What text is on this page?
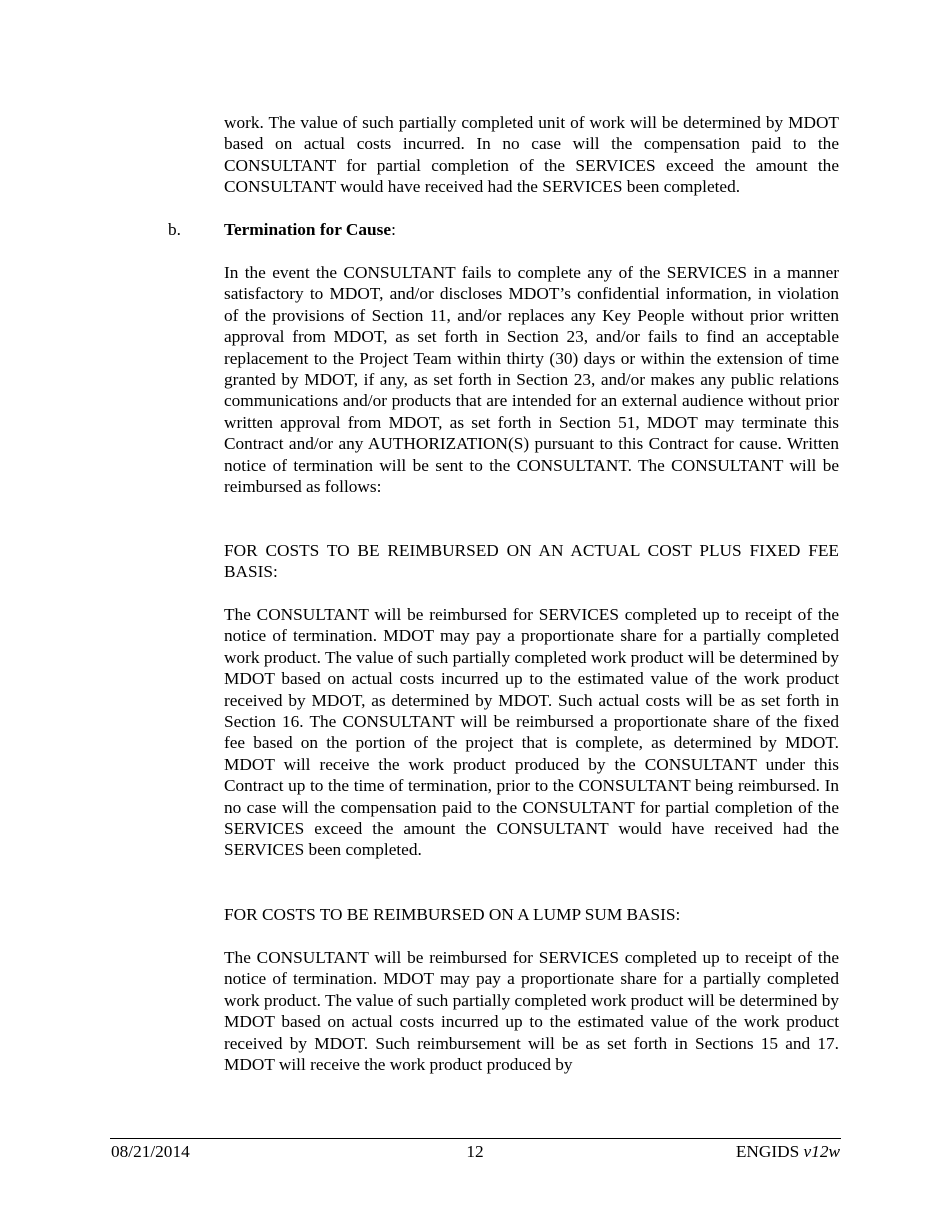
work. The value of such partially completed unit of work will be determined by MDOT based on actual costs incurred. In no case will the compensation paid to the CONSULTANT for partial completion of the SERVICES exceed the amount the CONSULTANT would have received had the SERVICES been completed.

b. Termination for Cause:

In the event the CONSULTANT fails to complete any of the SERVICES in a manner satisfactory to MDOT, and/or discloses MDOT’s confidential information, in violation of the provisions of Section 11, and/or replaces any Key People without prior written approval from MDOT, as set forth in Section 23, and/or fails to find an acceptable replacement to the Project Team within thirty (30) days or within the extension of time granted by MDOT, if any, as set forth in Section 23, and/or makes any public relations communications and/or products that are intended for an external audience without prior written approval from MDOT, as set forth in Section 51, MDOT may terminate this Contract and/or any AUTHORIZATION(S) pursuant to this Contract for cause. Written notice of termination will be sent to the CONSULTANT. The CONSULTANT will be reimbursed as follows:

FOR COSTS TO BE REIMBURSED ON AN ACTUAL COST PLUS FIXED FEE BASIS:

The CONSULTANT will be reimbursed for SERVICES completed up to receipt of the notice of termination. MDOT may pay a proportionate share for a partially completed work product. The value of such partially completed work product will be determined by MDOT based on actual costs incurred up to the estimated value of the work product received by MDOT, as determined by MDOT. Such actual costs will be as set forth in Section 16. The CONSULTANT will be reimbursed a proportionate share of the fixed fee based on the portion of the project that is complete, as determined by MDOT. MDOT will receive the work product produced by the CONSULTANT under this Contract up to the time of termination, prior to the CONSULTANT being reimbursed. In no case will the compensation paid to the CONSULTANT for partial completion of the SERVICES exceed the amount the CONSULTANT would have received had the SERVICES been completed.

FOR COSTS TO BE REIMBURSED ON A LUMP SUM BASIS:

The CONSULTANT will be reimbursed for SERVICES completed up to receipt of the notice of termination. MDOT may pay a proportionate share for a partially completed work product. The value of such partially completed work product will be determined by MDOT based on actual costs incurred up to the estimated value of the work product received by MDOT. Such reimbursement will be as set forth in Sections 15 and 17. MDOT will receive the work product produced by

08/21/2014	12	ENGIDS v12w
